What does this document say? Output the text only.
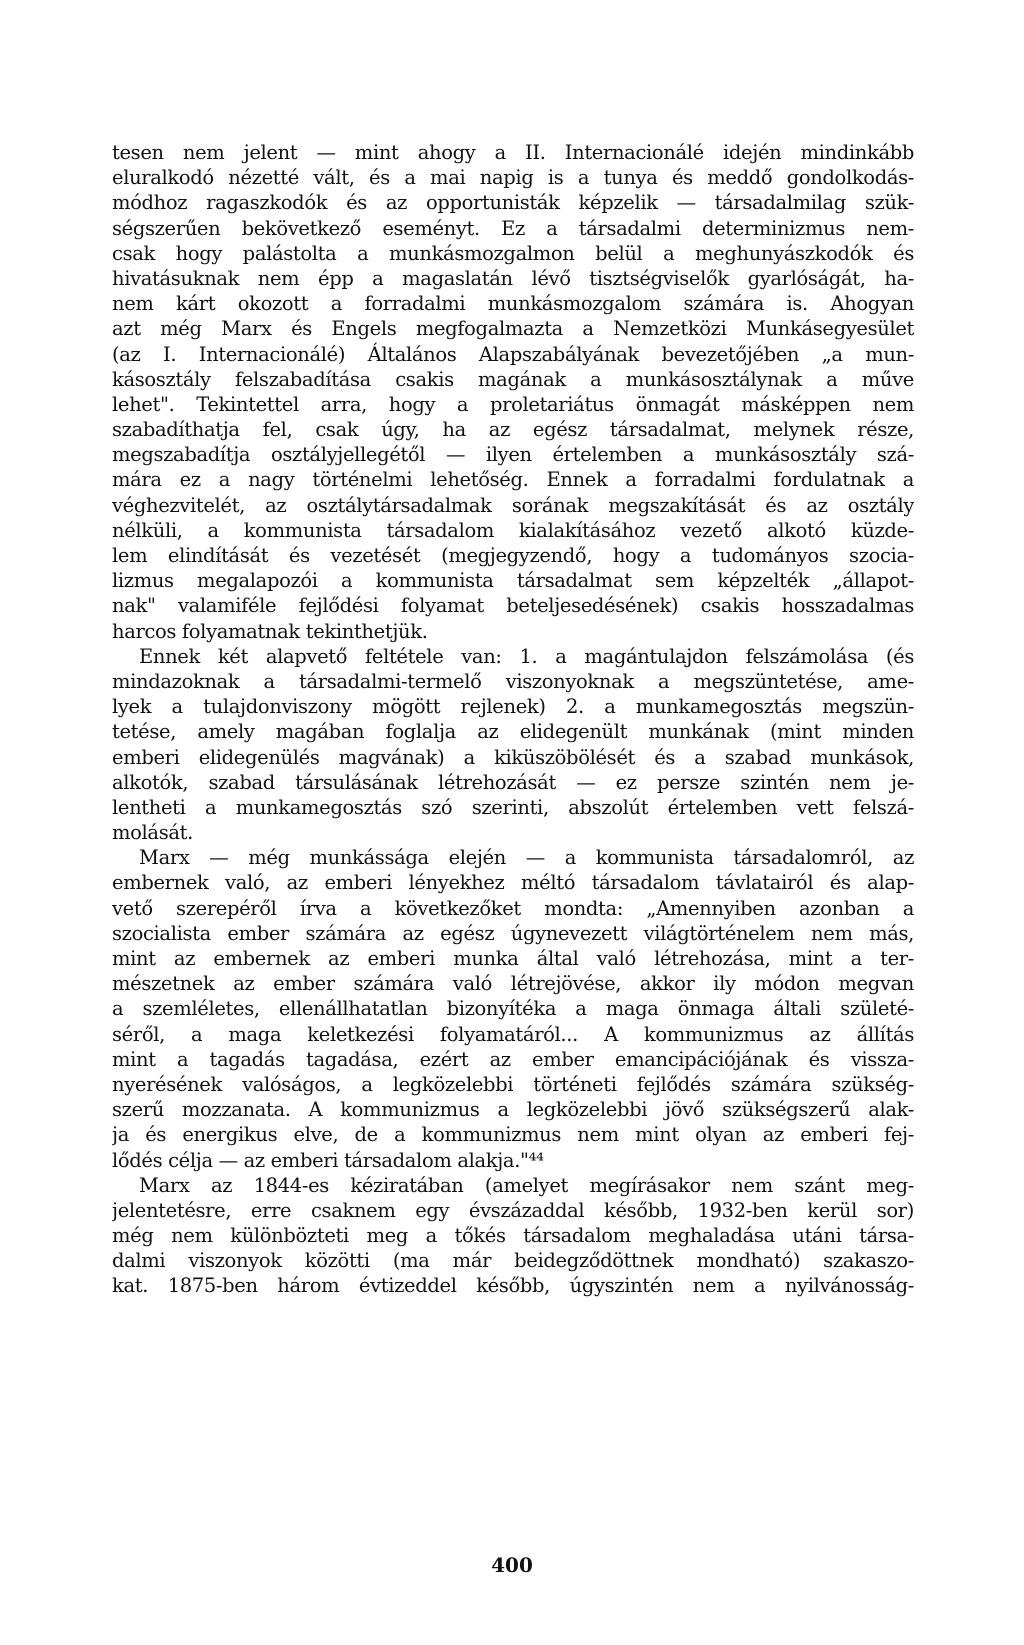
tesen nem jelent — mint ahogy a II. Internacionálé idején mindinkább
eluralkodó nézetté vált, és a mai napig is a tunya és meddő gondolkodás-
módhoz ragaszkodók és az opportunisták képzelik — társadalmilag szük-
ségszerűen bekövetkező eseményt. Ez a társadalmi determinizmus nem-
csak hogy palástolta a munkásmozgalmon belül a meghunyászkodók és
hivatásuknak nem épp a magaslatán lévő tisztségviselők gyarlóságát, ha-
nem kárt okozott a forradalmi munkásmozgalom számára is. Ahogyan
azt még Marx és Engels megfogalmazta a Nemzetközi Munkásegyesület
(az I. Internacionálé) Általános Alapszabályának bevezetőjében „a mun-
kásosztály felszabadítása csakis magának a munkásosztálynak a műve
lehet". Tekintettel arra, hogy a proletariátus önmagát másképpen nem
szabadíthatja fel, csak úgy, ha az egész társadalmat, melynek része,
megszabadítja osztályjellegétől — ilyen értelemben a munkásosztály szá-
mára ez a nagy történelmi lehetőség. Ennek a forradalmi fordulatnak a
véghezvitelét, az osztálytársadalmak sorának megszakítását és az osztály
nélküli, a kommunista társadalom kialakításához vezető alkotó küzde-
lem elindítását és vezetését (megjegyzendő, hogy a tudományos szocia-
lizmus megalapozói a kommunista társadalmat sem képzelték „állapot-
nak" valamiféle fejlődési folyamat beteljesedésének) csakis hosszadalmas
harcos folyamatnak tekinthetjük.
Ennek két alapvető feltétele van: 1. a magántulajdon felszámolása (és
mindazoknak a társadalmi-termelő viszonyoknak a megszüntetése, ame-
lyek a tulajdonviszony mögött rejlenek) 2. a munkamegosztás megszün-
tetése, amely magában foglalja az elidegenült munkának (mint minden
emberi elidegenülés magvának) a kiküszöbölését és a szabad munkások,
alkotók, szabad társulásának létrehozását — ez persze szintén nem je-
lentheti a munkamegosztás szó szerinti, abszolút értelemben vett felszá-
molását.
Marx — még munkássága elején — a kommunista társadalomról, az
embernek való, az emberi lényekhez méltó társadalom távlatairól és alap-
vető szerepéről írva a következőket mondta: „Amennyiben azonban a
szocialista ember számára az egész úgynevezett világtörténelem nem más,
mint az embernek az emberi munka által való létrehozása, mint a ter-
mészetnek az ember számára való létrejövése, akkor ily módon megvan
a szemléletes, ellenállhatatlan bizonyítéka a maga önmaga általi születé-
séről, a maga keletkezési folyamatáról... A kommunizmus az állítás
mint a tagadás tagadása, ezért az ember emancipációjának és vissza-
nyerésének valóságos, a legközelebbi történeti fejlődés számára szükség-
szerű mozzanata. A kommunizmus a legközelebbi jövő szükségszerű alak-
ja és energikus elve, de a kommunizmus nem mint olyan az emberi fej-
lődés célja — az emberi társadalom alakja."⁴⁴
Marx az 1844-es kéziratában (amelyet megírásakor nem szánt meg-
jelentetésre, erre csaknem egy évszázaddal később, 1932-ben kerül sor)
még nem különbözteti meg a tőkés társadalom meghaladása utáni társa-
dalmi viszonyok közötti (ma már beidegződöttnek mondható) szakaszo-
kat. 1875-ben három évtizeddel később, úgyszintén nem a nyilvánosság-
400
